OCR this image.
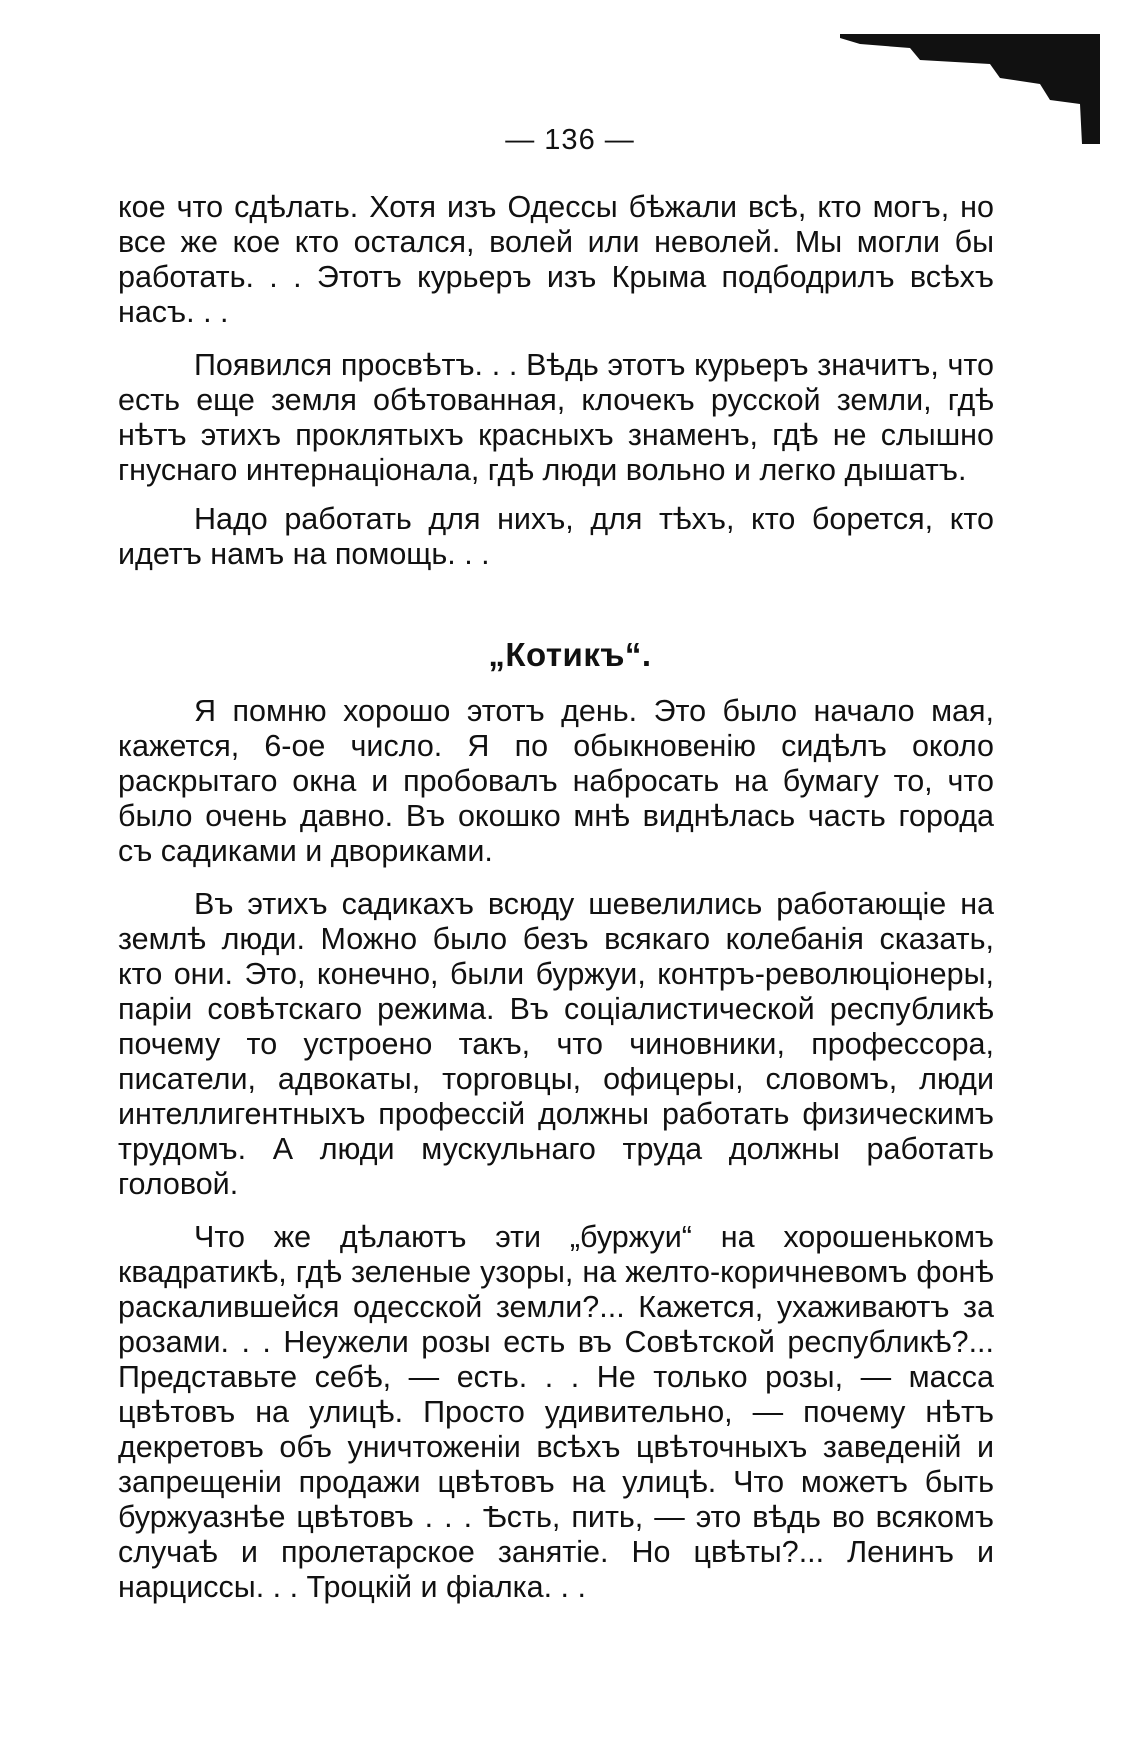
— 136 —

кое что сдѣлать. Хотя изъ Одессы бѣжали всѣ, кто могъ, но все же кое кто остался, волей или неволей. Мы могли бы работать. . . Этотъ курьеръ изъ Крыма подбодрилъ всѣхъ насъ. . .

Появился просвѣтъ. . . Вѣдь этотъ курьеръ значитъ, что есть еще земля обѣтованная, клочекъ русской земли, гдѣ нѣтъ этихъ проклятыхъ красныхъ знаменъ, гдѣ не слышно гнуснаго интернаціонала, гдѣ люди вольно и легко дышатъ.

Надо работать для нихъ, для тѣхъ, кто борется, кто идетъ намъ на помощь. . .

„Котикъ“.

Я помню хорошо этотъ день. Это было начало мая, кажется, 6-ое число. Я по обыкновенію сидѣлъ около раскрытаго окна и пробовалъ набросать на бумагу то, что было очень давно. Въ окошко мнѣ виднѣлась часть города съ садиками и двориками.

Въ этихъ садикахъ всюду шевелились работающіе на землѣ люди. Можно было безъ всякаго колебанія сказать, кто они. Это, конечно, были буржуи, контръ-революціонеры, паріи совѣтскаго режима. Въ соціалистической республикѣ почему то устроено такъ, что чиновники, профессора, писатели, адвокаты, торговцы, офицеры, словомъ, люди интеллигентныхъ профессій должны работать физическимъ трудомъ. А люди мускульнаго труда должны работать головой.

Что же дѣлаютъ эти „буржуи“ на хорошенькомъ квадратикѣ, гдѣ зеленые узоры, на желто-коричневомъ фонѣ раскалившейся одесской земли?... Кажется, ухаживаютъ за розами. . . Неужели розы есть въ Совѣтской республикѣ?... Представьте себѣ, — есть. . . Не только розы, — масса цвѣтовъ на улицѣ. Просто удивительно, — почему нѣтъ декретовъ объ уничтоженіи всѣхъ цвѣточныхъ заведеній и запрещеніи продажи цвѣтовъ на улицѣ. Что можетъ быть буржуазнѣе цвѣтовъ . . . Ѣсть, пить, — это вѣдь во всякомъ случаѣ и пролетарское занятіе. Но цвѣты?... Ленинъ и нарциссы. . . Троцкій и фіалка. . .
